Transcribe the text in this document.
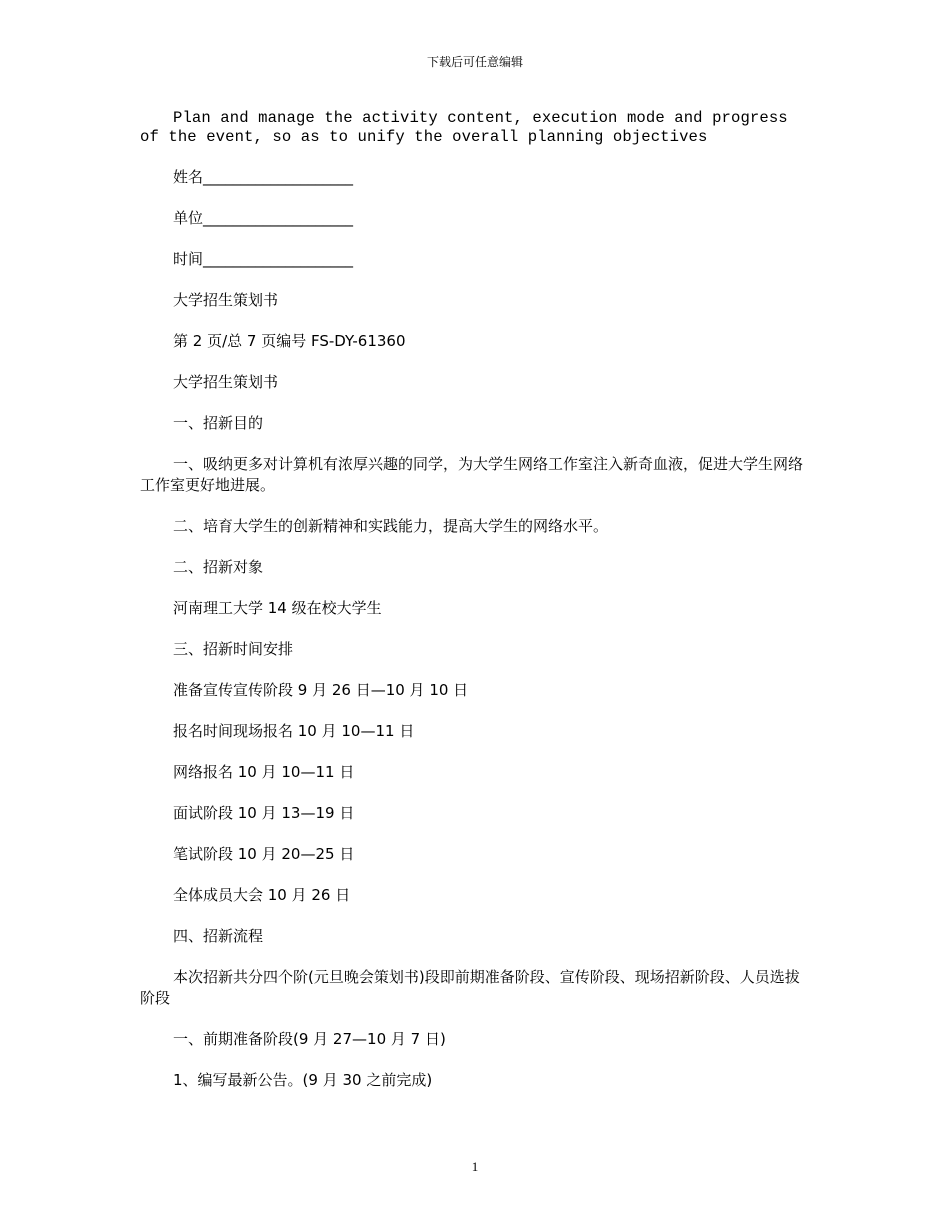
下载后可任意编辑

Plan and manage the activity content, execution mode and progress of the event, so as to unify the overall planning objectives

姓名____________________

单位____________________

时间____________________

大学招生策划书

第 2 页/总 7 页编号 FS-DY-61360

大学招生策划书

一、招新目的

一、吸纳更多对计算机有浓厚兴趣的同学，为大学生网络工作室注入新奇血液，促进大学生网络工作室更好地进展。

二、培育大学生的创新精神和实践能力，提高大学生的网络水平。

二、招新对象

河南理工大学 14 级在校大学生

三、招新时间安排

准备宣传宣传阶段 9 月 26 日—10 月 10 日

报名时间现场报名 10 月 10—11 日

网络报名 10 月 10—11 日

面试阶段 10 月 13—19 日

笔试阶段 10 月 20—25 日

全体成员大会 10 月 26 日

四、招新流程

本次招新共分四个阶(元旦晚会策划书)段即前期准备阶段、宣传阶段、现场招新阶段、人员选拔阶段

一、前期准备阶段(9 月 27—10 月 7 日)

1、编写最新公告。(9 月 30 之前完成)

1
